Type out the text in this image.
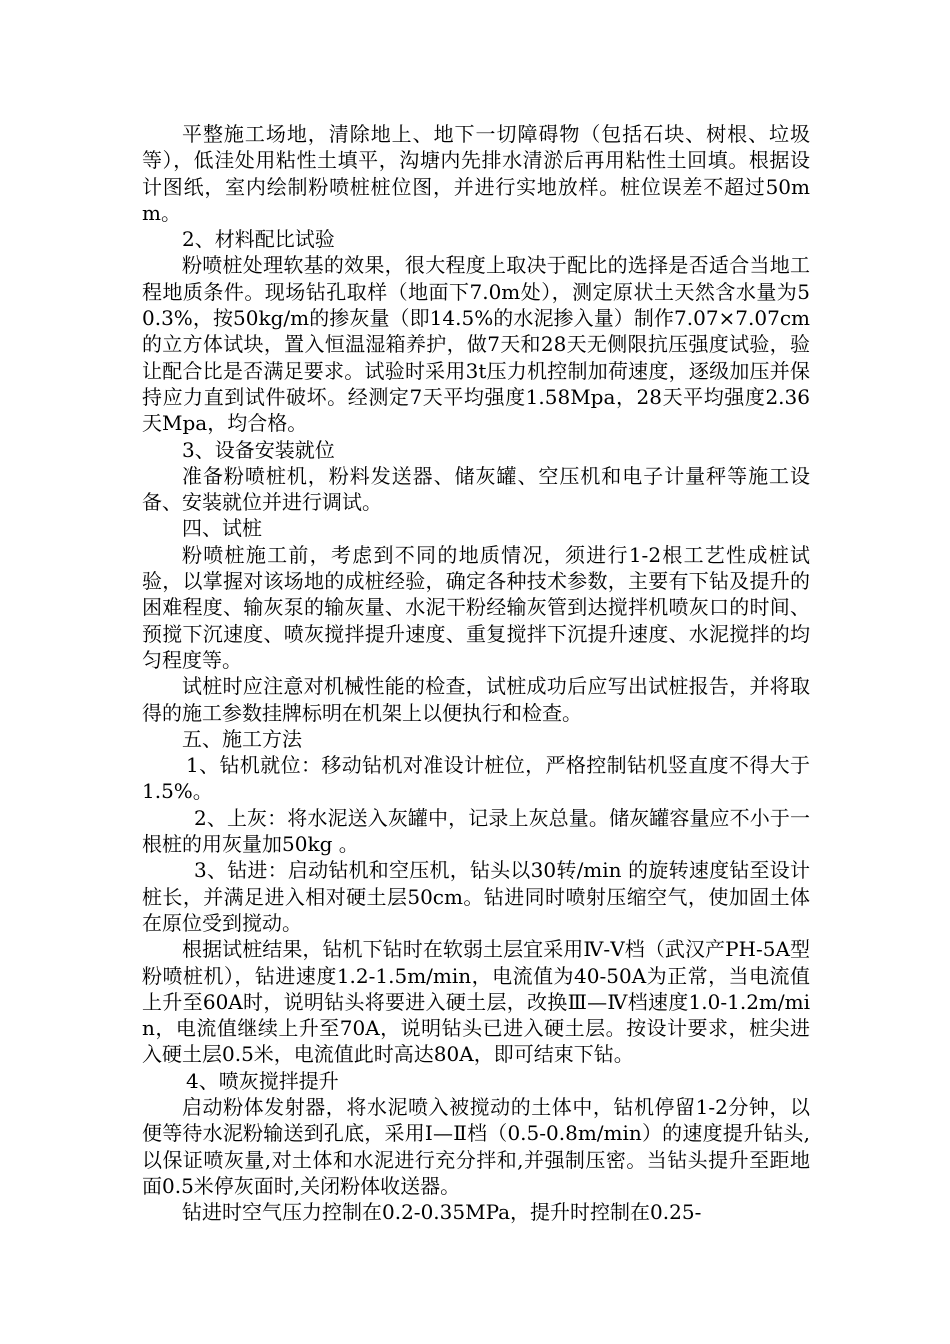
平整施工场地，清除地上、地下一切障碍物（包括石块、树根、垃圾等），低洼处用粘性土填平，沟塘内先排水清淤后再用粘性土回填。根据设计图纸，室内绘制粉喷桩桩位图，并进行实地放样。桩位误差不超过50mm。

2、材料配比试验

粉喷桩处理软基的效果，很大程度上取决于配比的选择是否适合当地工程地质条件。现场钻孔取样（地面下7.0m处），测定原状土天然含水量为50.3%，按50kg/m的掺灰量（即14.5%的水泥掺入量）制作7.07×7.07cm的立方体试块，置入恒温湿箱养护，做7天和28天无侧限抗压强度试验，验让配合比是否满足要求。试验时采用3t压力机控制加荷速度，逐级加压并保持应力直到试件破坏。经测定7天平均强度1.58Mpa，28天平均强度2.36天Mpa，均合格。

3、设备安装就位

准备粉喷桩机，粉料发送器、储灰罐、空压机和电子计量秤等施工设备、安装就位并进行调试。

四、试桩

粉喷桩施工前，考虑到不同的地质情况，须进行1-2根工艺性成桩试验，以掌握对该场地的成桩经验，确定各种技术参数，主要有下钻及提升的困难程度、输灰泵的输灰量、水泥干粉经输灰管到达搅拌机喷灰口的时间、预搅下沉速度、喷灰搅拌提升速度、重复搅拌下沉提升速度、水泥搅拌的均匀程度等。

试桩时应注意对机械性能的检查，试桩成功后应写出试桩报告，并将取得的施工参数挂牌标明在机架上以便执行和检查。

五、施工方法

1、钻机就位：移动钻机对准设计桩位，严格控制钻机竖直度不得大于1.5%。

2、上灰：将水泥送入灰罐中，记录上灰总量。储灰罐容量应不小于一根桩的用灰量加50kg 。

3、钻进：启动钻机和空压机，钻头以30转/min 的旋转速度钻至设计桩长，并满足进入相对硬土层50cm。钻进同时喷射压缩空气，使加固土体在原位受到搅动。

根据试桩结果，钻机下钻时在软弱土层宜采用Ⅳ-Ⅴ档（武汉产PH-5A型粉喷桩机），钻进速度1.2-1.5m/min，电流值为40-50A为正常，当电流值上升至60A时，说明钻头将要进入硬土层，改换Ⅲ—Ⅳ档速度1.0-1.2m/min，电流值继续上升至70A，说明钻头已进入硬土层。按设计要求，桩尖进入硬土层0.5米，电流值此时高达80A，即可结束下钻。

4、喷灰搅拌提升

启动粉体发射器，将水泥喷入被搅动的土体中，钻机停留1-2分钟，以便等待水泥粉输送到孔底，采用Ⅰ—Ⅱ档（0.5-0.8m/min）的速度提升钻头,以保证喷灰量,对土体和水泥进行充分拌和,并强制压密。当钻头提升至距地面0.5米停灰面时,关闭粉体收送器。

钻进时空气压力控制在0.2-0.35MPa，提升时控制在0.25-
